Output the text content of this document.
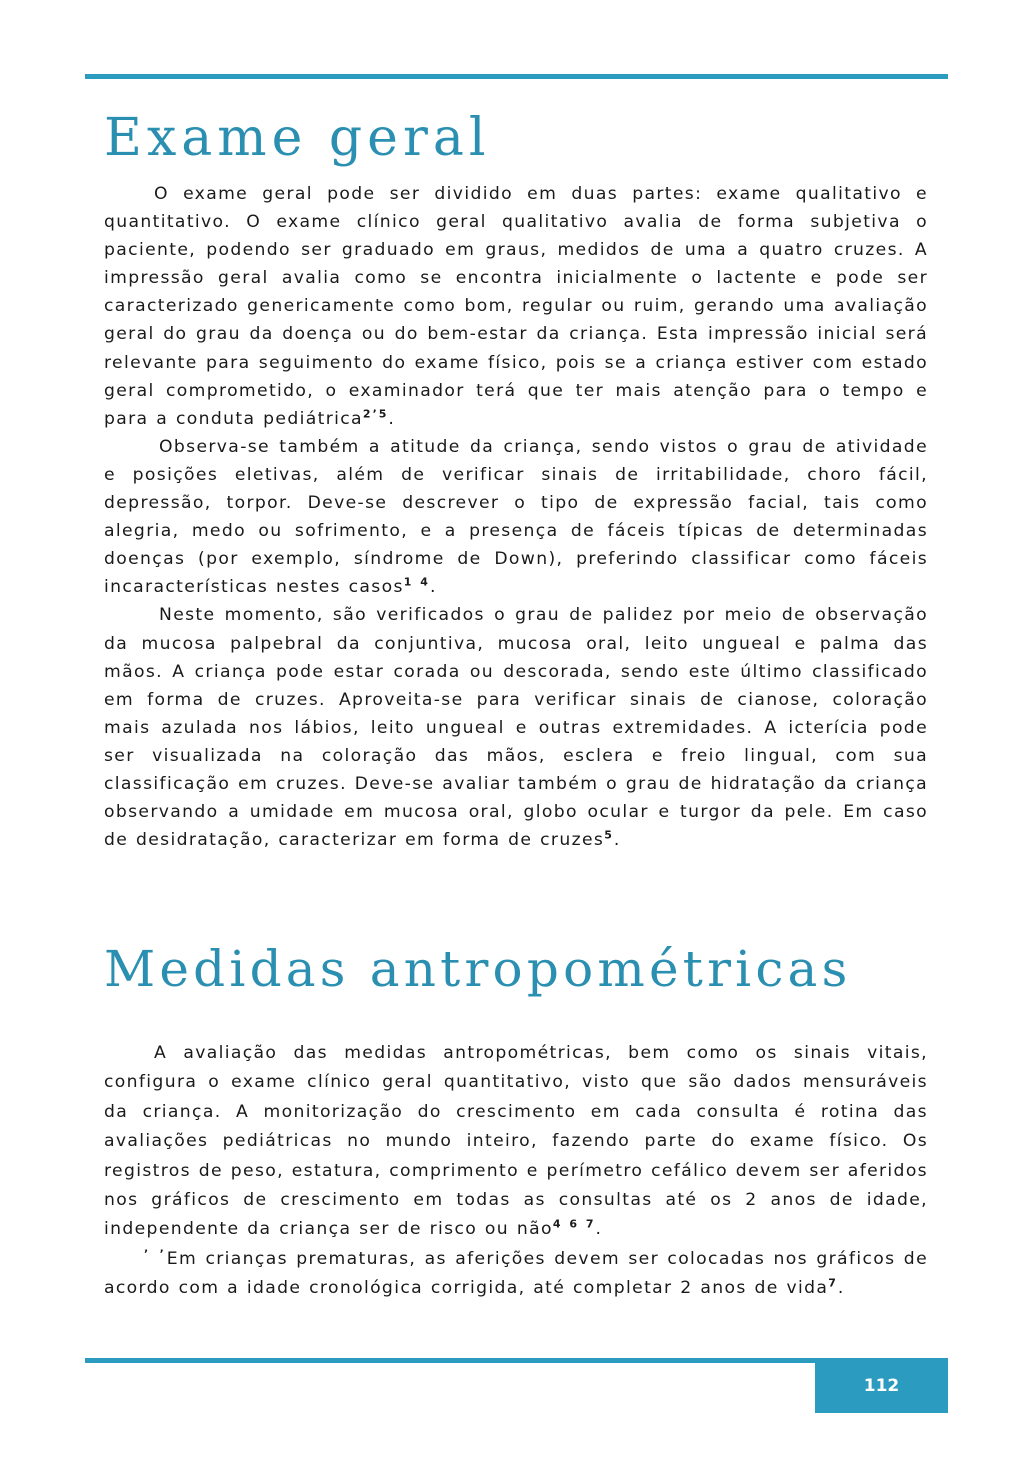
Exame geral

O exame geral pode ser dividido em duas partes: exame qualitativo e quantitativo. O exame clínico geral qualitativo avalia de forma subjetiva o paciente, podendo ser graduado em graus, medidos de uma a quatro cruzes. A impressão geral avalia como se encontra inicialmente o lactente e pode ser caracterizado genericamente como bom, regular ou ruim, gerando uma avaliação geral do grau da doença ou do bem-estar da criança. Esta impressão inicial será relevante para seguimento do exame físico, pois se a criança estiver com estado geral comprometido, o examinador terá que ter mais atenção para o tempo e para a conduta pediátrica$^{2’5}$.

Observa-se também a atitude da criança, sendo vistos o grau de atividade e posições eletivas, além de verificar sinais de irritabilidade, choro fácil, depressão, torpor. Deve-se descrever o tipo de expressão facial, tais como alegria, medo ou sofrimento, e a presença de fáceis típicas de determinadas doenças (por exemplo, síndrome de Down), preferindo classificar como fáceis incaracterísticas nestes casos$^{1 4}$.

Neste momento, são verificados o grau de palidez por meio de observação da mucosa palpebral da conjuntiva, mucosa oral, leito ungueal e palma das mãos. A criança pode estar corada ou descorada, sendo este último classificado em forma de cruzes. Aproveita-se para verificar sinais de cianose, coloração mais azulada nos lábios, leito ungueal e outras extremidades. A icterícia pode ser visualizada na coloração das mãos, esclera e freio lingual, com sua classificação em cruzes. Deve-se avaliar também o grau de hidratação da criança observando a umidade em mucosa oral, globo ocular e turgor da pele. Em caso de desidratação, caracterizar em forma de cruzes$^5$.

Medidas antropométricas

A avaliação das medidas antropométricas, bem como os sinais vitais, configura o exame clínico geral quantitativo, visto que são dados mensuráveis da criança. A monitorização do crescimento em cada consulta é rotina das avaliações pediátricas no mundo inteiro, fazendo parte do exame físico. Os registros de peso, estatura, comprimento e perímetro cefálico devem ser aferidos nos gráficos de crescimento em todas as consultas até os 2 anos de idade, independente da criança ser de risco ou não$^{4 6 7}$.

’ ’Em crianças prematuras, as aferições devem ser colocadas nos gráficos de acordo com a idade cronológica corrigida, até completar 2 anos de vida$^7$.

112
